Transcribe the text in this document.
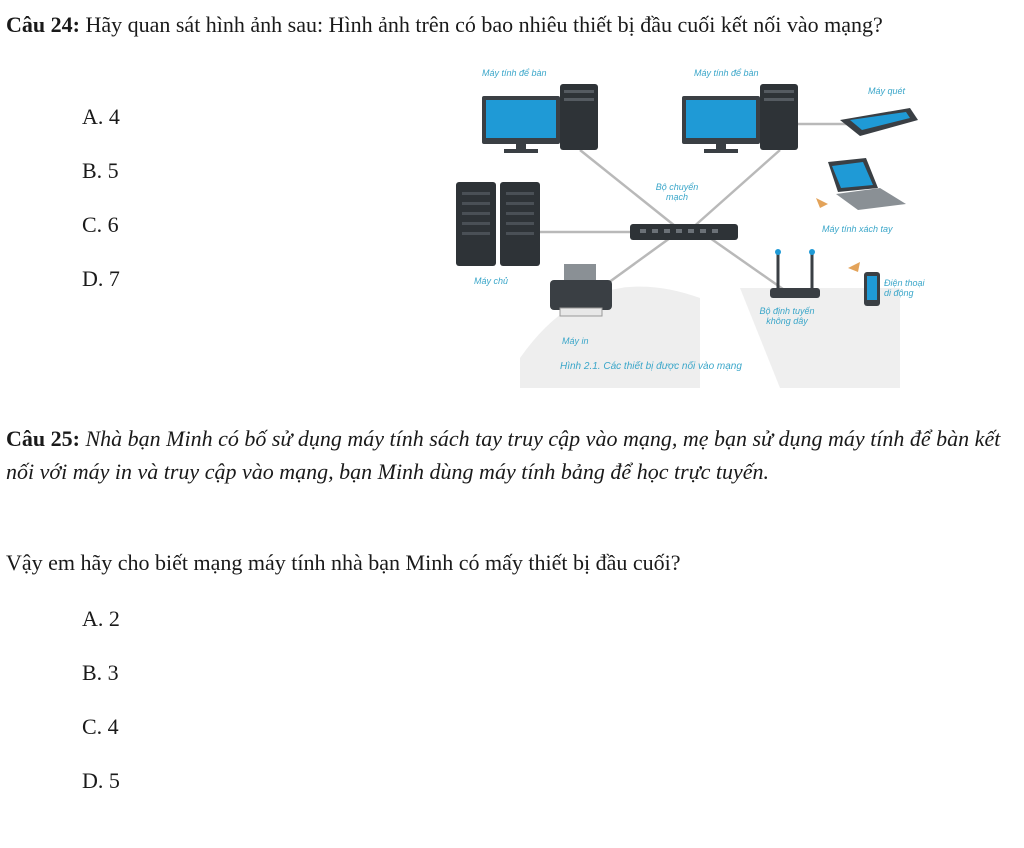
Câu 24: Hãy quan sát hình ảnh sau: Hình ảnh trên có bao nhiêu thiết bị đầu cuối kết nối vào mạng?

A. 4
B. 5
C. 6
D. 7
Máy tính để bàn	Máy tính để bàn
Máy quét
Bộ chuyển mạch
Máy tính xách tay
Máy chủ	Điện thoại di động
Bộ định tuyến không dây
Máy in
Hình 2.1. Các thiết bị được nối vào mạng

Câu 25: Nhà bạn Minh có bố sử dụng máy tính sách tay truy cập vào mạng, mẹ bạn sử dụng máy tính để bàn kết nối với máy in và truy cập vào mạng, bạn Minh dùng máy tính bảng để học trực tuyến.

Vậy em hãy cho biết mạng máy tính nhà bạn Minh có mấy thiết bị đầu cuối?

A. 2
B. 3
C. 4
D. 5
